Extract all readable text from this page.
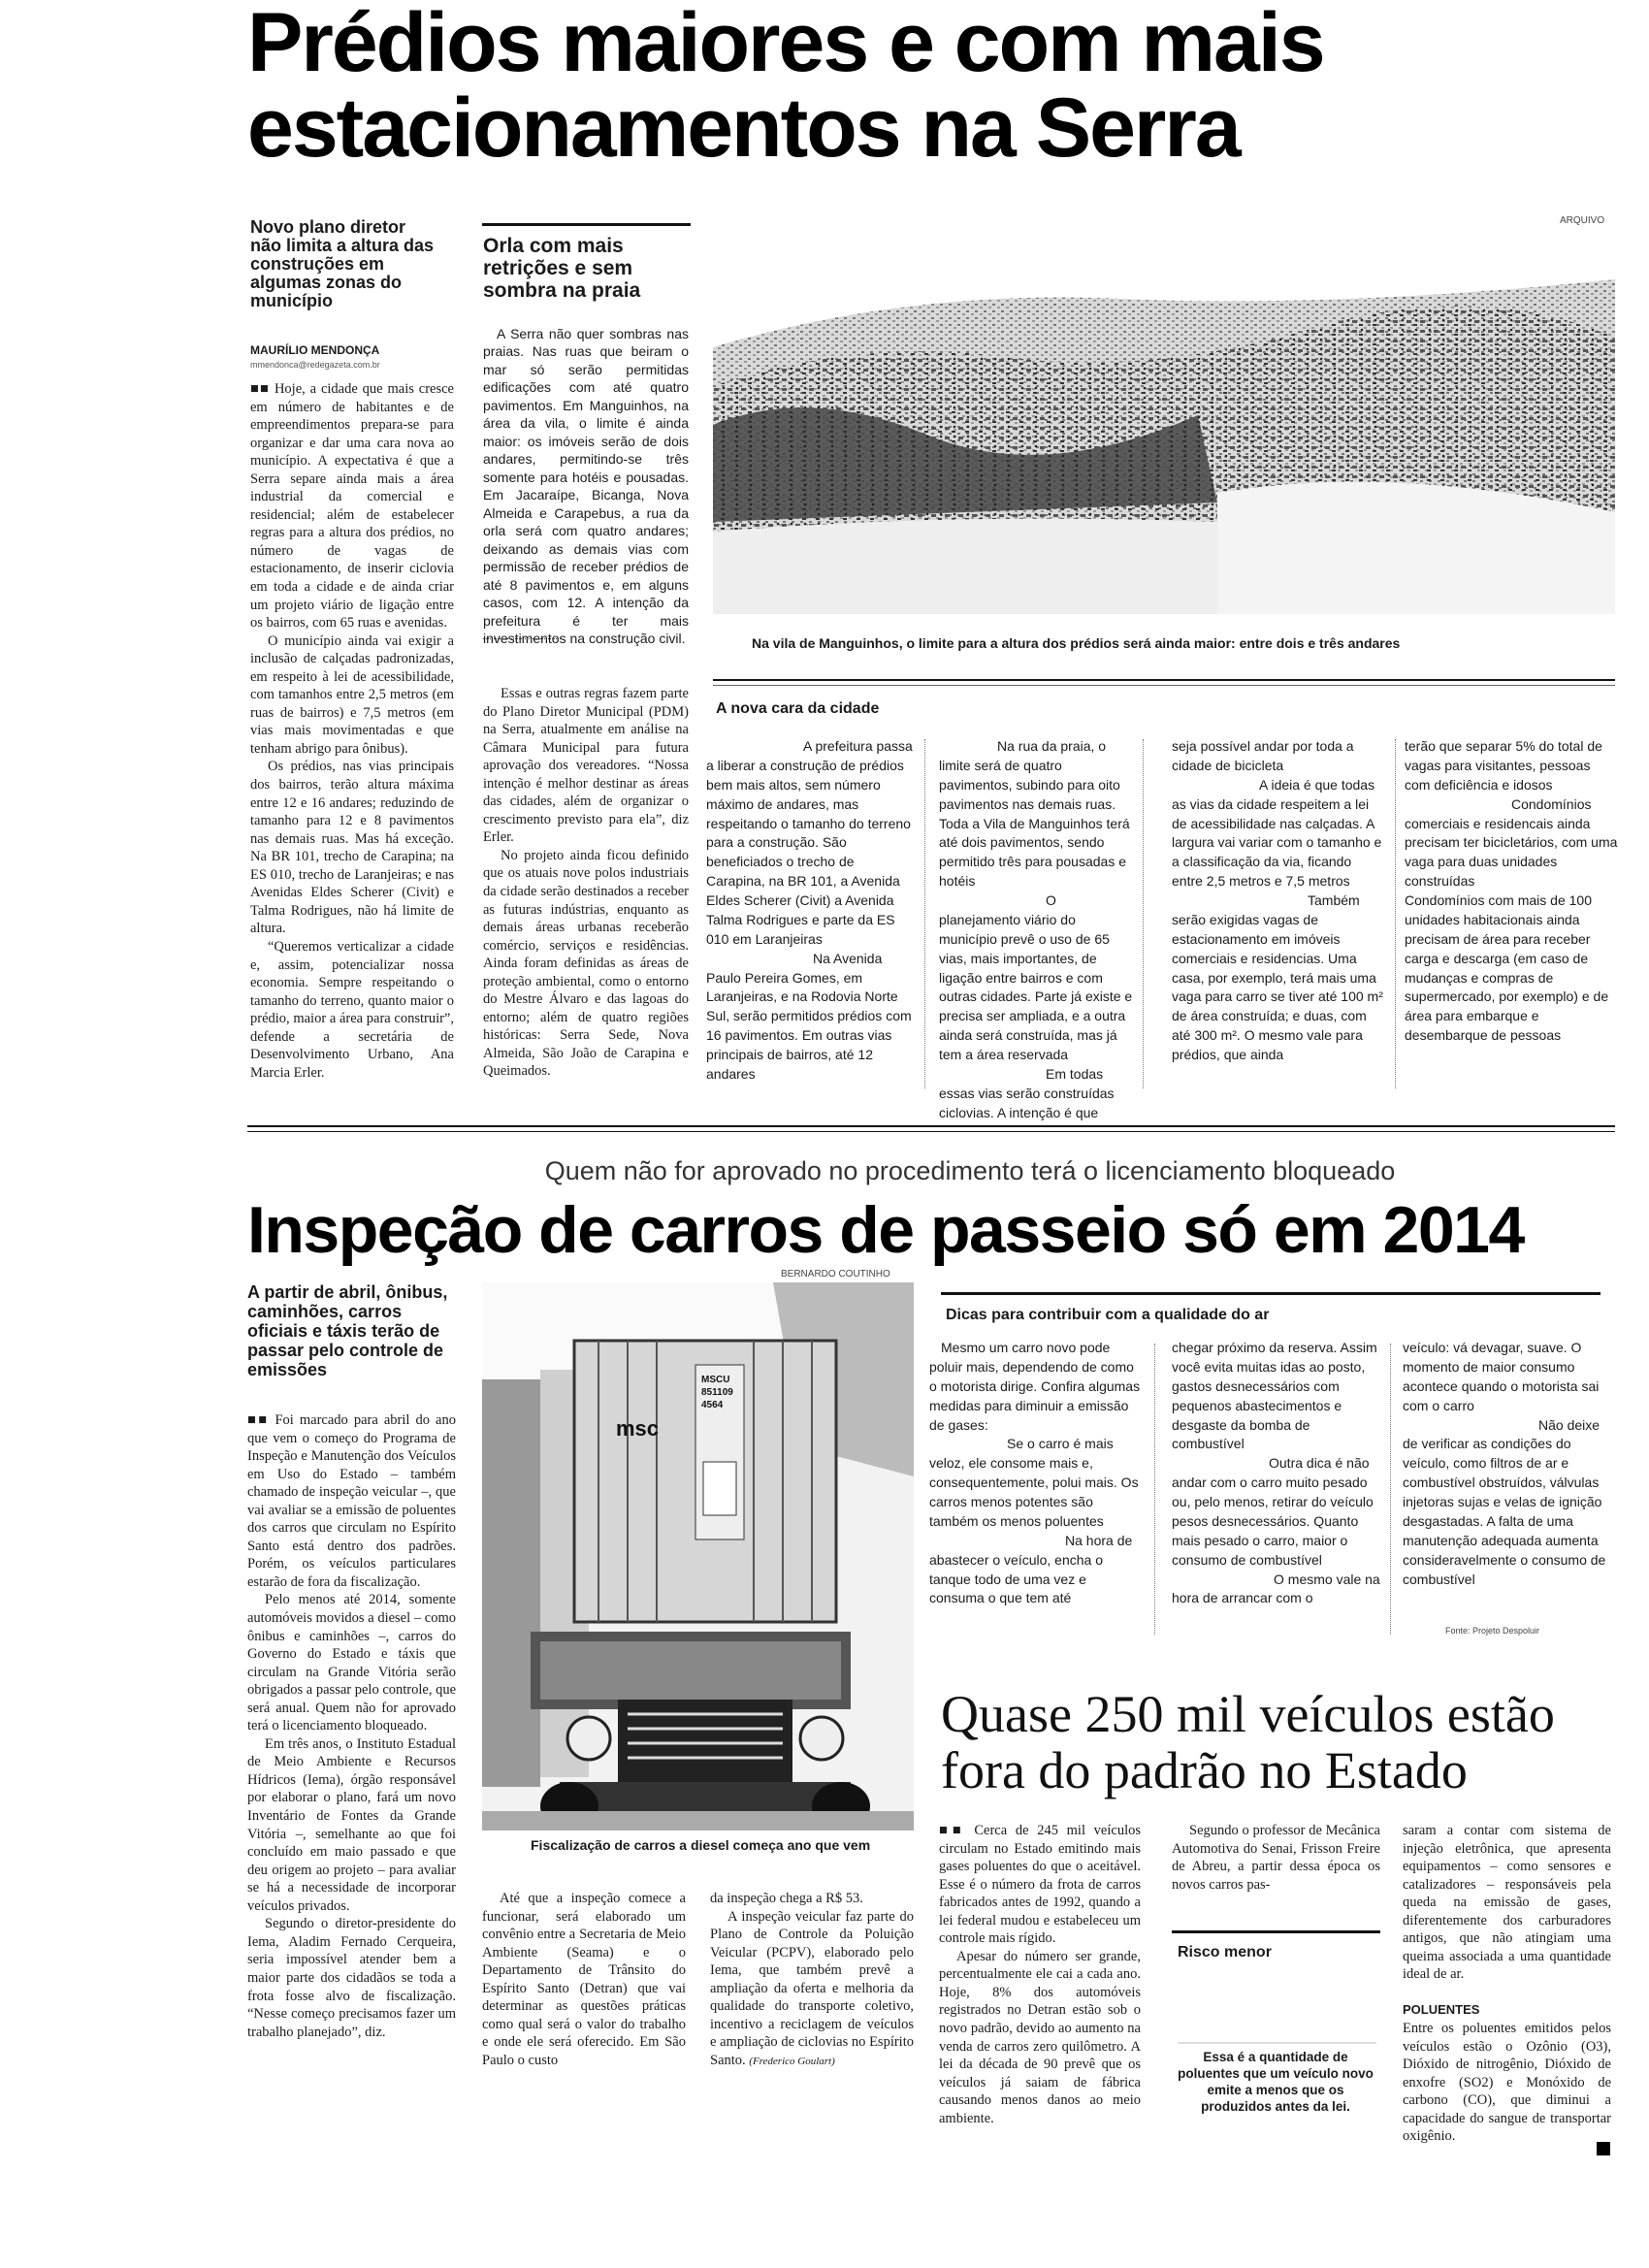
Prédios maiores e com mais estacionamentos na Serra
Novo plano diretor não limita a altura das construções em algumas zonas do município
MAURÍLIO MENDONÇA
mmendonca@redegazeta.com.br

■■ Hoje, a cidade que mais cresce em número de habitantes e de empreendimentos prepara-se para organizar e dar uma cara nova ao município. A expectativa é que a Serra separe ainda mais a área industrial da comercial e residencial; além de estabelecer regras para a altura dos prédios, no número de vagas de estacionamento, de inserir ciclovia em toda a cidade e de ainda criar um projeto viário de ligação entre os bairros, com 65 ruas e avenidas.

O município ainda vai exigir a inclusão de calçadas padronizadas, em respeito à lei de acessibilidade, com tamanhos entre 2,5 metros (em ruas de bairros) e 7,5 metros (em vias mais movimentadas e que tenham abrigo para ônibus).

Os prédios, nas vias principais dos bairros, terão altura máxima entre 12 e 16 andares; reduzindo de tamanho para 12 e 8 pavimentos nas demais ruas. Mas há exceção. Na BR 101, trecho de Carapina; na ES 010, trecho de Laranjeiras; e nas Avenidas Eldes Scherer (Civit) e Talma Rodrigues, não há limite de altura.

“Queremos verticalizar a cidade e, assim, potencializar nossa economia. Sempre respeitando o tamanho do terreno, quanto maior o prédio, maior a área para construir”, defende a secretária de Desenvolvimento Urbano, Ana Marcia Erler.

Orla com mais retrições e sem sombra na praia
A Serra não quer sombras nas praias. Nas ruas que beiram o mar só serão permitidas edificações com até quatro pavimentos. Em Manguinhos, na área da vila, o limite é ainda maior: os imóveis serão de dois andares, permitindo-se três somente para hotéis e pousadas. Em Jacaraípe, Bicanga, Nova Almeida e Carapebus, a rua da orla será com quatro andares; deixando as demais vias com permissão de receber prédios de até 8 pavimentos e, em alguns casos, com 12. A intenção da prefeitura é ter mais investimentos na construção civil.

Essas e outras regras fazem parte do Plano Diretor Municipal (PDM) na Serra, atualmente em análise na Câmara Municipal para futura aprovação dos vereadores. “Nossa intenção é melhor destinar as áreas das cidades, além de organizar o crescimento previsto para ela”, diz Erler.

No projeto ainda ficou definido que os atuais nove polos industriais da cidade serão destinados a receber as futuras indústrias, enquanto as demais áreas urbanas receberão comércio, serviços e residências. Ainda foram definidas as áreas de proteção ambiental, como o entorno do Mestre Álvaro e das lagoas do entorno; além de quatro regiões históricas: Serra Sede, Nova Almeida, São João de Carapina e Queimados.

ARQUIVO
Na vila de Manguinhos, o limite para a altura dos prédios será ainda maior: entre dois e três andares
A nova cara da cidade

A prefeitura passa a liberar a construção de prédios bem mais altos, sem número máximo de andares, mas respeitando o tamanho do terreno para a construção. São beneficiados o trecho de Carapina, na BR 101, a Avenida Eldes Scherer (Civit) a Avenida Talma Rodrigues e parte da ES 010 em Laranjeiras

Na Avenida Paulo Pereira Gomes, em Laranjeiras, e na Rodovia Norte Sul, serão permitidos prédios com 16 pavimentos. Em outras vias principais de bairros, até 12 andares

Na rua da praia, o limite será de quatro pavimentos, subindo para oito pavimentos nas demais ruas. Toda a Vila de Manguinhos terá até dois pavimentos, sendo permitido três para pousadas e hotéis

O planejamento viário do município prevê o uso de 65 vias, mais importantes, de ligação entre bairros e com outras cidades. Parte já existe e precisa ser ampliada, e a outra ainda será construída, mas já tem a área reservada

Em todas essas vias serão construídas ciclovias. A intenção é que

seja possível andar por toda a cidade de bicicleta

A ideia é que todas as vias da cidade respeitem a lei de acessibilidade nas calçadas. A largura vai variar com o tamanho e a classificação da via, ficando entre 2,5 metros e 7,5 metros

Também serão exigidas vagas de estacionamento em imóveis comerciais e residencias. Uma casa, por exemplo, terá mais uma vaga para carro se tiver até 100 m² de área construída; e duas, com até 300 m². O mesmo vale para prédios, que ainda

terão que separar 5% do total de vagas para visitantes, pessoas com deficiência e idosos

Condomínios comerciais e residencais ainda precisam ter bicicletários, com uma vaga para duas unidades construídas

Condomínios com mais de 100 unidades habitacionais ainda precisam de área para receber carga e descarga (em caso de mudanças e compras de supermercado, por exemplo) e de área para embarque e desembarque de pessoas

Quem não for aprovado no procedimento terá o licenciamento bloqueado
Inspeção de carros de passeio só em 2014
A partir de abril, ônibus, caminhões, carros oficiais e táxis terão de passar pelo controle de emissões

■■ Foi marcado para abril do ano que vem o começo do Programa de Inspeção e Manutenção dos Veículos em Uso do Estado – também chamado de inspeção veicular –, que vai avaliar se a emissão de poluentes dos carros que circulam no Espírito Santo está dentro dos padrões. Porém, os veículos particulares estarão de fora da fiscalização.

Pelo menos até 2014, somente automóveis movidos a diesel – como ônibus e caminhões –, carros do Governo do Estado e táxis que circulam na Grande Vitória serão obrigados a passar pelo controle, que será anual. Quem não for aprovado terá o licenciamento bloqueado.

Em três anos, o Instituto Estadual de Meio Ambiente e Recursos Hídricos (Iema), órgão responsável por elaborar o plano, fará um novo Inventário de Fontes da Grande Vitória –, semelhante ao que foi concluído em maio passado e que deu origem ao projeto – para avaliar se há a necessidade de incorporar veículos privados.

Segundo o diretor-presidente do Iema, Aladim Fernado Cerqueira, seria impossível atender bem a maior parte dos cidadãos se toda a frota fosse alvo de fiscalização. “Nesse começo precisamos fazer um trabalho planejado”, diz.

BERNARDO COUTINHO
msc
MSCU 851109 4564
Fiscalização de carros a diesel começa ano que vem

Até que a inspeção comece a funcionar, será elaborado um convênio entre a Secretaria de Meio Ambiente (Seama) e o Departamento de Trânsito do Espírito Santo (Detran) que vai determinar as questões práticas como qual será o valor do trabalho e onde ele será oferecido. Em São Paulo o custo

da inspeção chega a R$ 53.

A inspeção veicular faz parte do Plano de Controle da Poluição Veicular (PCPV), elaborado pelo Iema, que também prevê a ampliação da oferta e melhoria da qualidade do transporte coletivo, incentivo a reciclagem de veículos e ampliação de ciclovias no Espírito Santo. (Frederico Goulart)

Dicas para contribuir com a qualidade do ar

Mesmo um carro novo pode poluir mais, dependendo de como o motorista dirige. Confira algumas medidas para diminuir a emissão de gases:

Se o carro é mais veloz, ele consome mais e, consequentemente, polui mais. Os carros menos potentes são também os menos poluentes

Na hora de abastecer o veículo, encha o tanque todo de uma vez e consuma o que tem até

chegar próximo da reserva. Assim você evita muitas idas ao posto, gastos desnecessários com pequenos abastecimentos e desgaste da bomba de combustível

Outra dica é não andar com o carro muito pesado ou, pelo menos, retirar do veículo pesos desnecessários. Quanto mais pesado o carro, maior o consumo de combustível

O mesmo vale na hora de arrancar com o

veículo: vá devagar, suave. O momento de maior consumo acontece quando o motorista sai com o carro

Não deixe de verificar as condições do veículo, como filtros de ar e combustível obstruídos, válvulas injetoras sujas e velas de ignição desgastadas. A falta de uma manutenção adequada aumenta consideravelmente o consumo de combustível

Fonte: Projeto Despoluir
Quase 250 mil veículos estão fora do padrão no Estado

■■ Cerca de 245 mil veículos circulam no Estado emitindo mais gases poluentes do que o aceitável. Esse é o número da frota de carros fabricados antes de 1992, quando a lei federal mudou e estabeleceu um controle mais rígido.

Apesar do número ser grande, percentualmente ele cai a cada ano. Hoje, 8% dos automóveis registrados no Detran estão sob o novo padrão, devido ao aumento na venda de carros zero quilômetro. A lei da década de 90 prevê que os veículos já saiam de fábrica causando menos danos ao meio ambiente.

Segundo o professor de Mecânica Automotiva do Senai, Frisson Freire de Abreu, a partir dessa época os novos carros pas-

Risco menor
Essa é a quantidade de poluentes que um veículo novo emite a menos que os produzidos antes da lei.

saram a contar com sistema de injeção eletrônica, que apresenta equipamentos – como sensores e catalizadores – responsáveis pela queda na emissão de gases, diferentemente dos carburadores antigos, que não atingiam uma queima associada a uma quantidade ideal de ar.

POLUENTES
Entre os poluentes emitidos pelos veículos estão o Ozônio (O3), Dióxido de nitrogênio, Dióxido de enxofre (SO2) e Monóxido de carbono (CO), que diminui a capacidade do sangue de transportar oxigênio.
